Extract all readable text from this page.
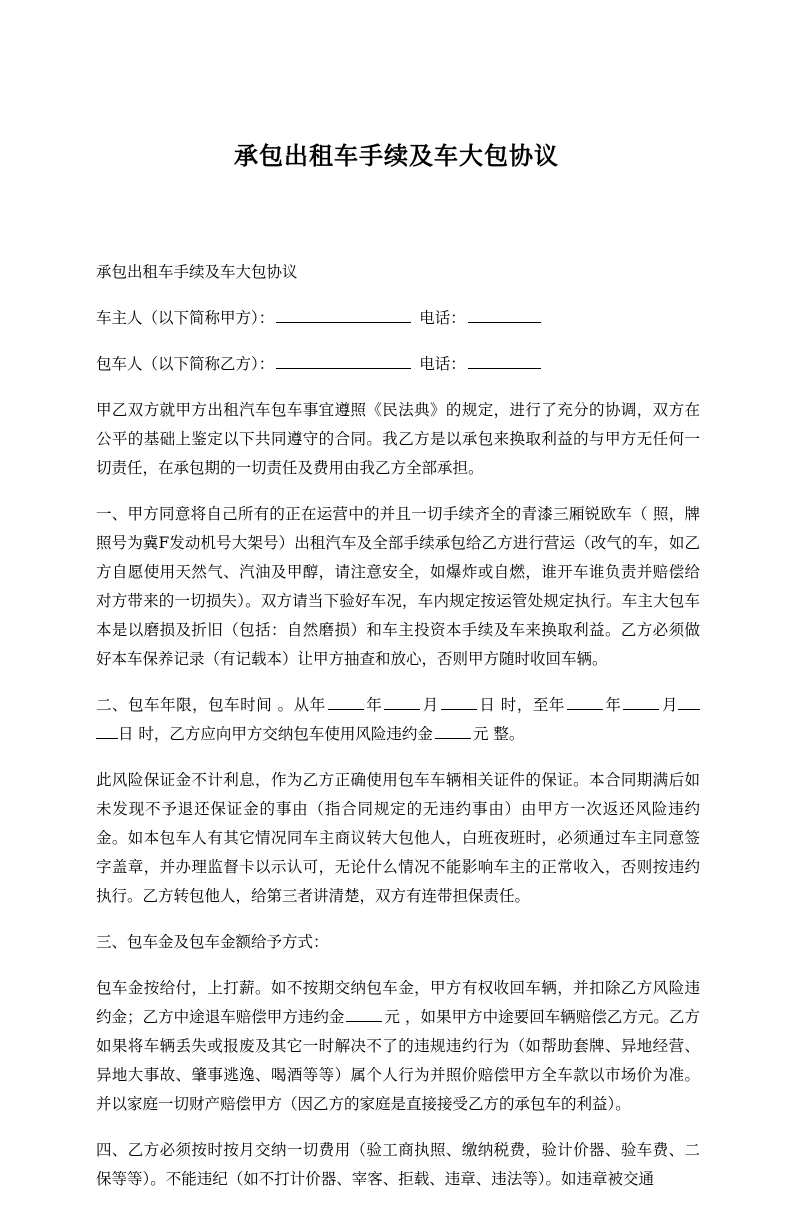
承包出租车手续及车大包协议

承包出租车手续及车大包协议

车主人（以下简称甲方）：	电话：
包车人（以下简称乙方）：	电话：

甲乙双方就甲方出租汽车包车事宜遵照《民法典》的规定，进行了充分的协调，双方在公平的基础上鉴定以下共同遵守的合同。我乙方是以承包来换取利益的与甲方无任何一切责任，在承包期的一切责任及费用由我乙方全部承担。

一、甲方同意将自己所有的正在运营中的并且一切手续齐全的青漆三厢锐欧车（ 照，牌照号为冀F发动机号大架号）出租汽车及全部手续承包给乙方进行营运（改气的车，如乙方自愿使用天然气、汽油及甲醇，请注意安全，如爆炸或自燃，谁开车谁负责并赔偿给对方带来的一切损失）。双方请当下验好车况，车内规定按运管处规定执行。车主大包车本是以磨损及折旧（包括：自然磨损）和车主投资本手续及车来换取利益。乙方必须做好本车保养记录（有记载本）让甲方抽查和放心，否则甲方随时收回车辆。

二、包车年限，包车时间 。从年	年	月	日 时，至年	年	月日 时，乙方应向甲方交纳包车使用风险违约金	元 整。

此风险保证金不计利息，作为乙方正确使用包车车辆相关证件的保证。本合同期满后如未发现不予退还保证金的事由（指合同规定的无违约事由）由甲方一次返还风险违约金。如本包车人有其它情况同车主商议转大包他人，白班夜班时，必须通过车主同意签字盖章，并办理监督卡以示认可，无论什么情况不能影响车主的正常收入，否则按违约执行。乙方转包他人，给第三者讲清楚，双方有连带担保责任。

三、包车金及包车金额给予方式：

包车金按给付，上打薪。如不按期交纳包车金，甲方有权收回车辆，并扣除乙方风险违约金；乙方中途退车赔偿甲方违约金	元 ，如果甲方中途要回车辆赔偿乙方元。乙方如果将车辆丢失或报废及其它一时解决不了的违规违约行为（如帮助套牌、异地经营、异地大事故、肇事逃逸、喝酒等等）属个人行为并照价赔偿甲方全车款以市场价为准。并以家庭一切财产赔偿甲方（因乙方的家庭是直接接受乙方的承包车的利益）。

四、乙方必须按时按月交纳一切费用（验工商执照、缴纳税费，验计价器、验车费、二保等等）。不能违纪（如不打计价器、宰客、拒载、违章、违法等）。如违章被交通
